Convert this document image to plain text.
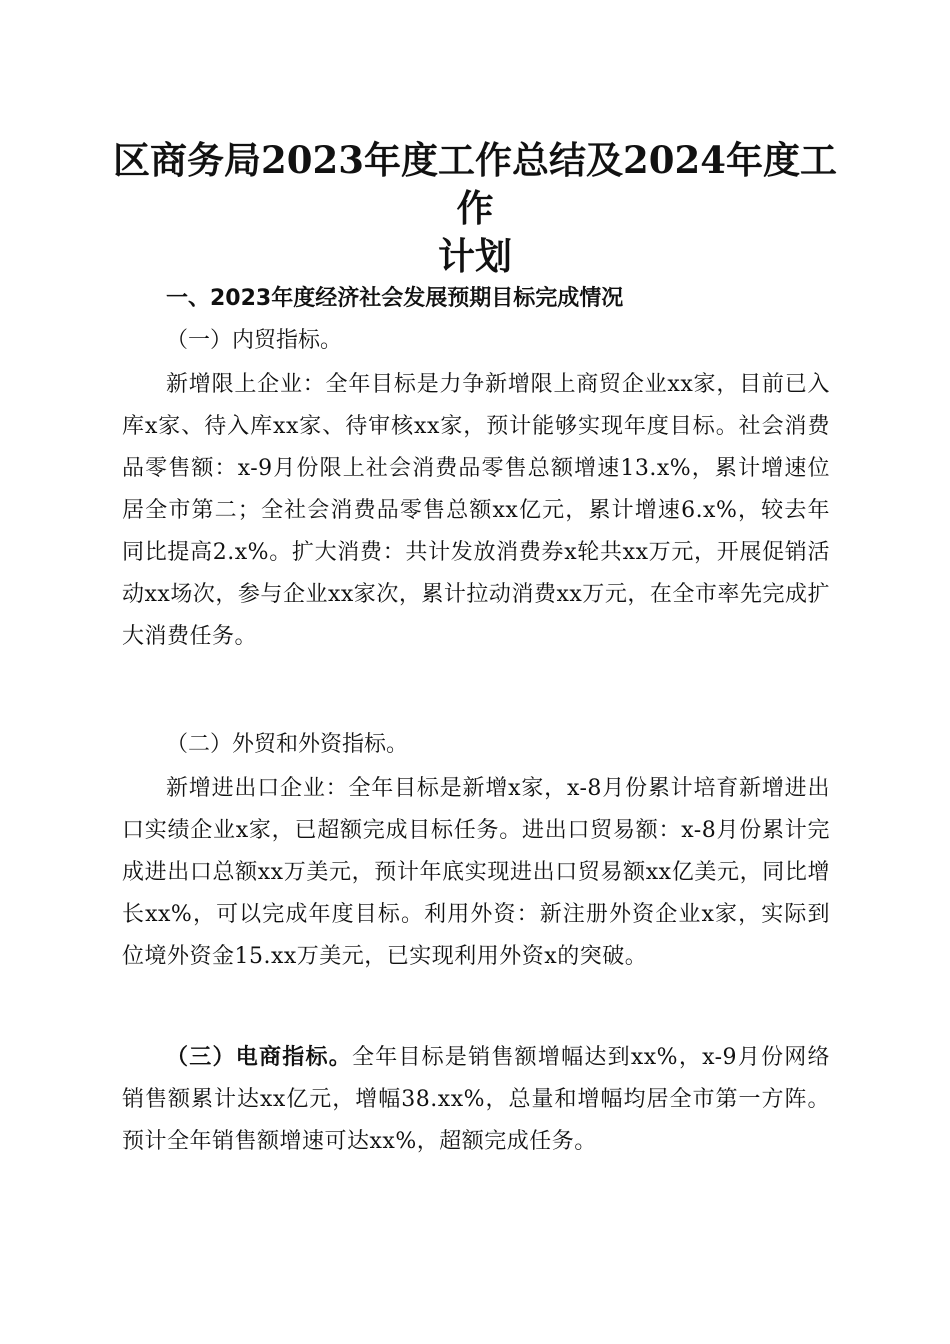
区商务局2023年度工作总结及2024年度工作
计划

一、2023年度经济社会发展预期目标完成情况

（一）内贸指标。

新增限上企业：全年目标是力争新增限上商贸企业xx家，目前已入库x家、待入库xx家、待审核xx家，预计能够实现年度目标。社会消费品零售额：x-9月份限上社会消费品零售总额增速13.x%，累计增速位居全市第二；全社会消费品零售总额xx亿元，累计增速6.x%，较去年同比提高2.x%。扩大消费：共计发放消费券x轮共xx万元，开展促销活动xx场次，参与企业xx家次，累计拉动消费xx万元，在全市率先完成扩大消费任务。

（二）外贸和外资指标。

新增进出口企业：全年目标是新增x家，x-8月份累计培育新增进出口实绩企业x家，已超额完成目标任务。进出口贸易额：x-8月份累计完成进出口总额xx万美元，预计年底实现进出口贸易额xx亿美元，同比增长xx%，可以完成年度目标。利用外资：新注册外资企业x家，实际到位境外资金15.xx万美元，已实现利用外资x的突破。

（三）电商指标。全年目标是销售额增幅达到xx%，x-9月份网络销售额累计达xx亿元，增幅38.xx%，总量和增幅均居全市第一方阵。预计全年销售额增速可达xx%，超额完成任务。
